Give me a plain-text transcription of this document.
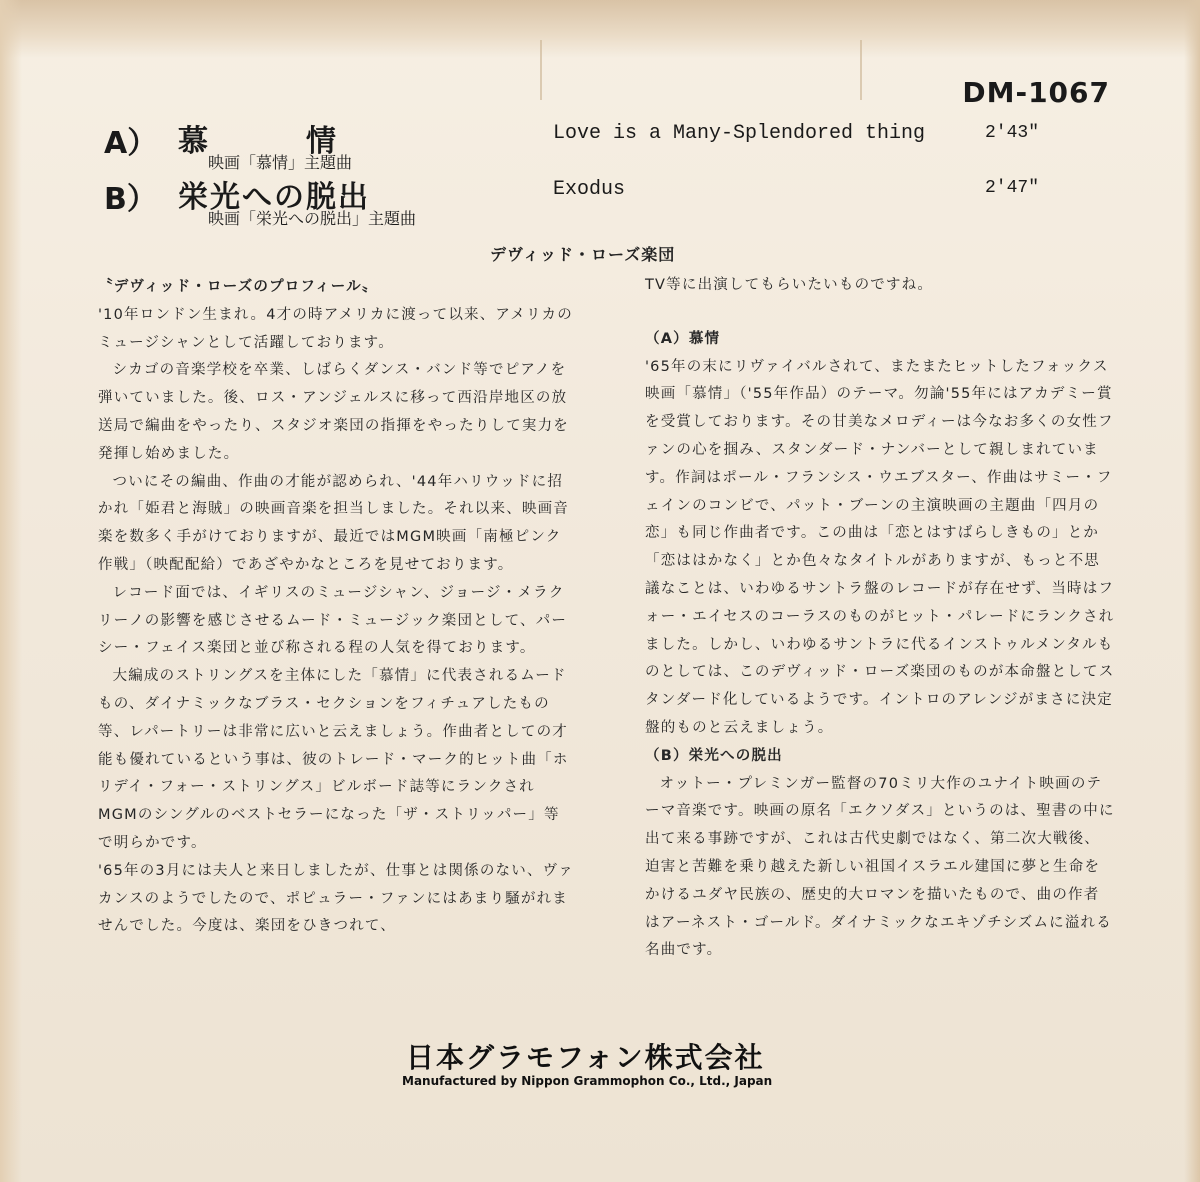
DM-1067
A） 慕　　　情
映画「慕情」主題曲
Love is a Many-Splendored thing	2′43″
B） 栄光への脱出
映画「栄光への脱出」主題曲
Exodus	2′47″
デヴィッド・ローズ楽団

〝デヴィッド・ローズのプロフィール〟

'10年ロンドン生まれ。4才の時アメリカに渡って以来、アメリカのミュージシャンとして活躍しております。

シカゴの音楽学校を卒業、しばらくダンス・バンド等でピアノを弾いていました。後、ロス・アンジェルスに移って西沿岸地区の放送局で編曲をやったり、スタジオ楽団の指揮をやったりして実力を発揮し始めました。

ついにその編曲、作曲の才能が認められ、'44年ハリウッドに招かれ「姫君と海賊」の映画音楽を担当しました。それ以来、映画音楽を数多く手がけておりますが、最近ではMGM映画「南極ピンク作戦」（映配配給）であざやかなところを見せております。

レコード面では、イギリスのミュージシャン、ジョージ・メラクリーノの影響を感じさせるムード・ミュージック楽団として、パーシー・フェイス楽団と並び称される程の人気を得ております。

大編成のストリングスを主体にした「慕情」に代表されるムードもの、ダイナミックなブラス・セクションをフィチュアしたもの等、レパートリーは非常に広いと云えましょう。作曲者としての才能も優れているという事は、彼のトレード・マーク的ヒット曲「ホリデイ・フォー・ストリングス」ビルボード誌等にランクされMGMのシングルのベストセラーになった「ザ・ストリッパー」等で明らかです。

'65年の3月には夫人と来日しましたが、仕事とは関係のない、ヴァカンスのようでしたので、ポピュラー・ファンにはあまり騒がれませんでした。今度は、楽団をひきつれて、

TV等に出演してもらいたいものですね。

（A）慕情

'65年の末にリヴァイバルされて、またまたヒットしたフォックス映画「慕情」（'55年作品）のテーマ。勿論'55年にはアカデミー賞を受賞しております。その甘美なメロディーは今なお多くの女性ファンの心を掴み、スタンダード・ナンバーとして親しまれています。作詞はポール・フランシス・ウエブスター、作曲はサミー・フェインのコンビで、パット・ブーンの主演映画の主題曲「四月の恋」も同じ作曲者です。この曲は「恋とはすばらしきもの」とか「恋ははかなく」とか色々なタイトルがありますが、もっと不思議なことは、いわゆるサントラ盤のレコードが存在せず、当時はフォー・エイセスのコーラスのものがヒット・パレードにランクされました。しかし、いわゆるサントラに代るインストゥルメンタルものとしては、このデヴィッド・ローズ楽団のものが本命盤としてスタンダード化しているようです。イントロのアレンジがまさに決定盤的ものと云えましょう。

（B）栄光への脱出

オットー・プレミンガー監督の70ミリ大作のユナイト映画のテーマ音楽です。映画の原名「エクソダス」というのは、聖書の中に出て来る事跡ですが、これは古代史劇ではなく、第二次大戦後、迫害と苦難を乗り越えた新しい祖国イスラエル建国に夢と生命をかけるユダヤ民族の、歴史的大ロマンを描いたもので、曲の作者はアーネスト・ゴールド。ダイナミックなエキゾチシズムに溢れる名曲です。

日本グラモフォン株式会社
Manufactured by Nippon Grammophon Co., Ltd., Japan
